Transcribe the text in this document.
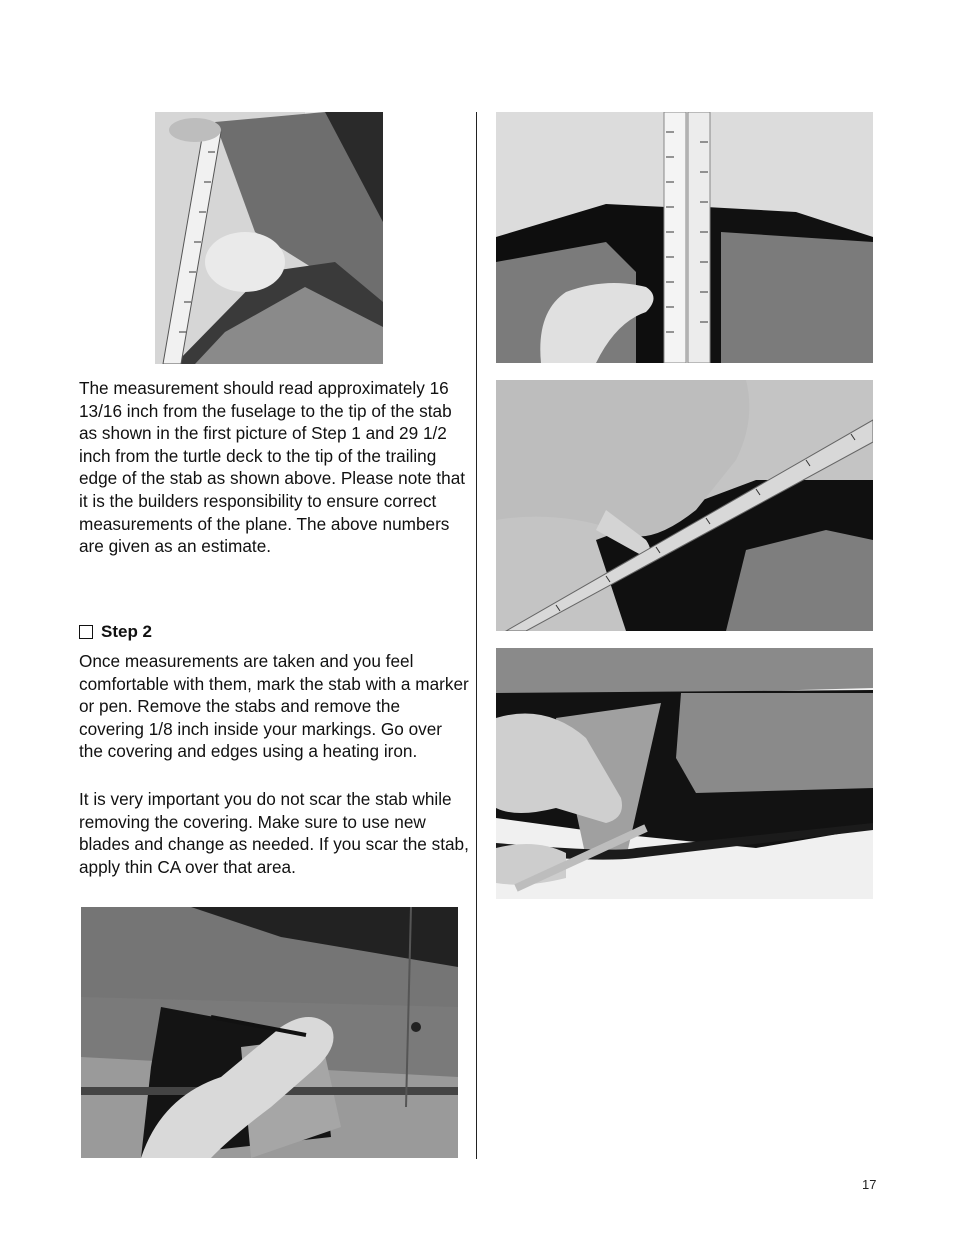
The measurement should read approximately 16 13/16 inch from the fuselage to the tip of the stab as shown in the first picture of Step 1 and 29 1/2 inch from the turtle deck to the tip of the trailing edge of the stab as shown above. Please note that it is the builders responsibility to ensure correct measurements of the plane. The above numbers are given as an estimate.

Step 2

Once measurements are taken and you feel comfortable with them, mark the stab with a marker or pen. Remove the stabs and remove the covering 1/8 inch inside your markings. Go over the covering and edges using a heating iron.

It is very important you do not scar the stab while removing the covering. Make sure to use new blades and change as needed. If you scar the stab, apply thin CA over that area.

17
